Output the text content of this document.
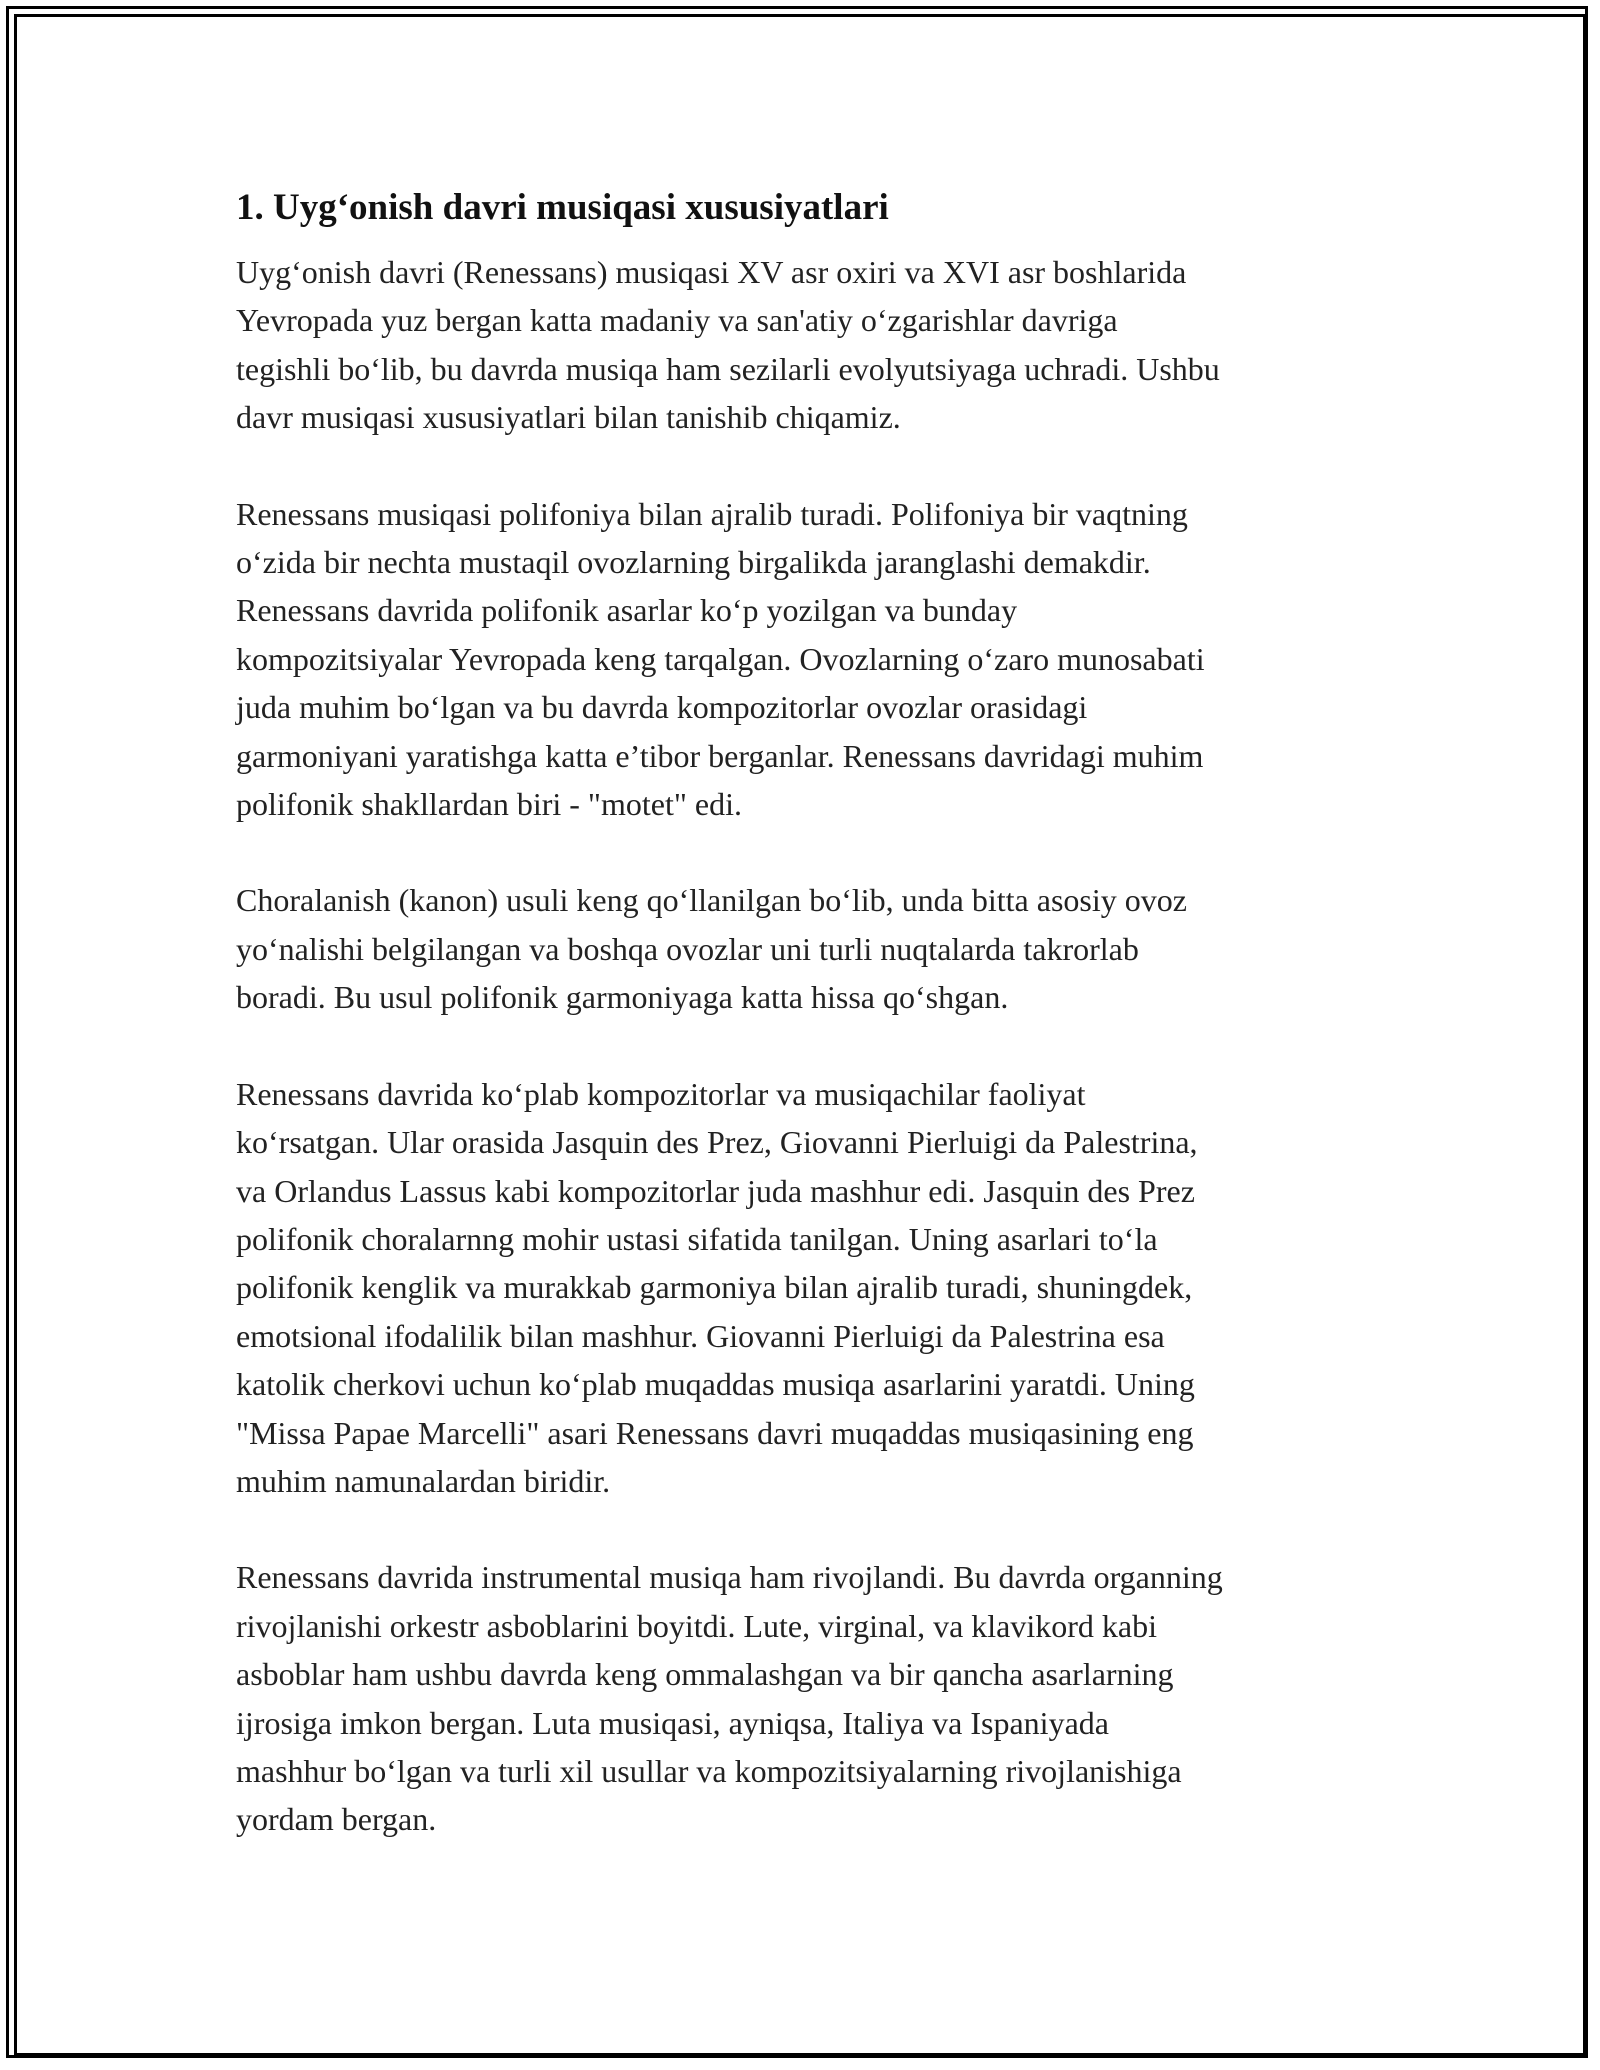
1. Uyg‘onish davri musiqasi xususiyatlari

Uyg‘onish davri (Renessans) musiqasi XV asr oxiri va XVI asr boshlarida
Yevropada yuz bergan katta madaniy va san'atiy o‘zgarishlar davriga
tegishli bo‘lib, bu davrda musiqa ham sezilarli evolyutsiyaga uchradi. Ushbu
davr musiqasi xususiyatlari bilan tanishib chiqamiz.

Renessans musiqasi polifoniya bilan ajralib turadi. Polifoniya bir vaqtning
o‘zida bir nechta mustaqil ovozlarning birgalikda jaranglashi demakdir.
Renessans davrida polifonik asarlar ko‘p yozilgan va bunday
kompozitsiyalar Yevropada keng tarqalgan. Ovozlarning o‘zaro munosabati
juda muhim bo‘lgan va bu davrda kompozitorlar ovozlar orasidagi
garmoniyani yaratishga katta e’tibor berganlar. Renessans davridagi muhim
polifonik shakllardan biri - "motet" edi.

Choralanish (kanon) usuli keng qo‘llanilgan bo‘lib, unda bitta asosiy ovoz
yo‘nalishi belgilangan va boshqa ovozlar uni turli nuqtalarda takrorlab
boradi. Bu usul polifonik garmoniyaga katta hissa qo‘shgan.

Renessans davrida ko‘plab kompozitorlar va musiqachilar faoliyat
ko‘rsatgan. Ular orasida Jasquin des Prez, Giovanni Pierluigi da Palestrina,
va Orlandus Lassus kabi kompozitorlar juda mashhur edi. Jasquin des Prez
polifonik choralarnng mohir ustasi sifatida tanilgan. Uning asarlari to‘la
polifonik kenglik va murakkab garmoniya bilan ajralib turadi, shuningdek,
emotsional ifodalilik bilan mashhur. Giovanni Pierluigi da Palestrina esa
katolik cherkovi uchun ko‘plab muqaddas musiqa asarlarini yaratdi. Uning
"Missa Papae Marcelli" asari Renessans davri muqaddas musiqasining eng
muhim namunalardan biridir.

Renessans davrida instrumental musiqa ham rivojlandi. Bu davrda organning
rivojlanishi orkestr asboblarini boyitdi. Lute, virginal, va klavikord kabi
asboblar ham ushbu davrda keng ommalashgan va bir qancha asarlarning
ijrosiga imkon bergan. Luta musiqasi, ayniqsa, Italiya va Ispaniyada
mashhur bo‘lgan va turli xil usullar va kompozitsiyalarning rivojlanishiga
yordam bergan.
